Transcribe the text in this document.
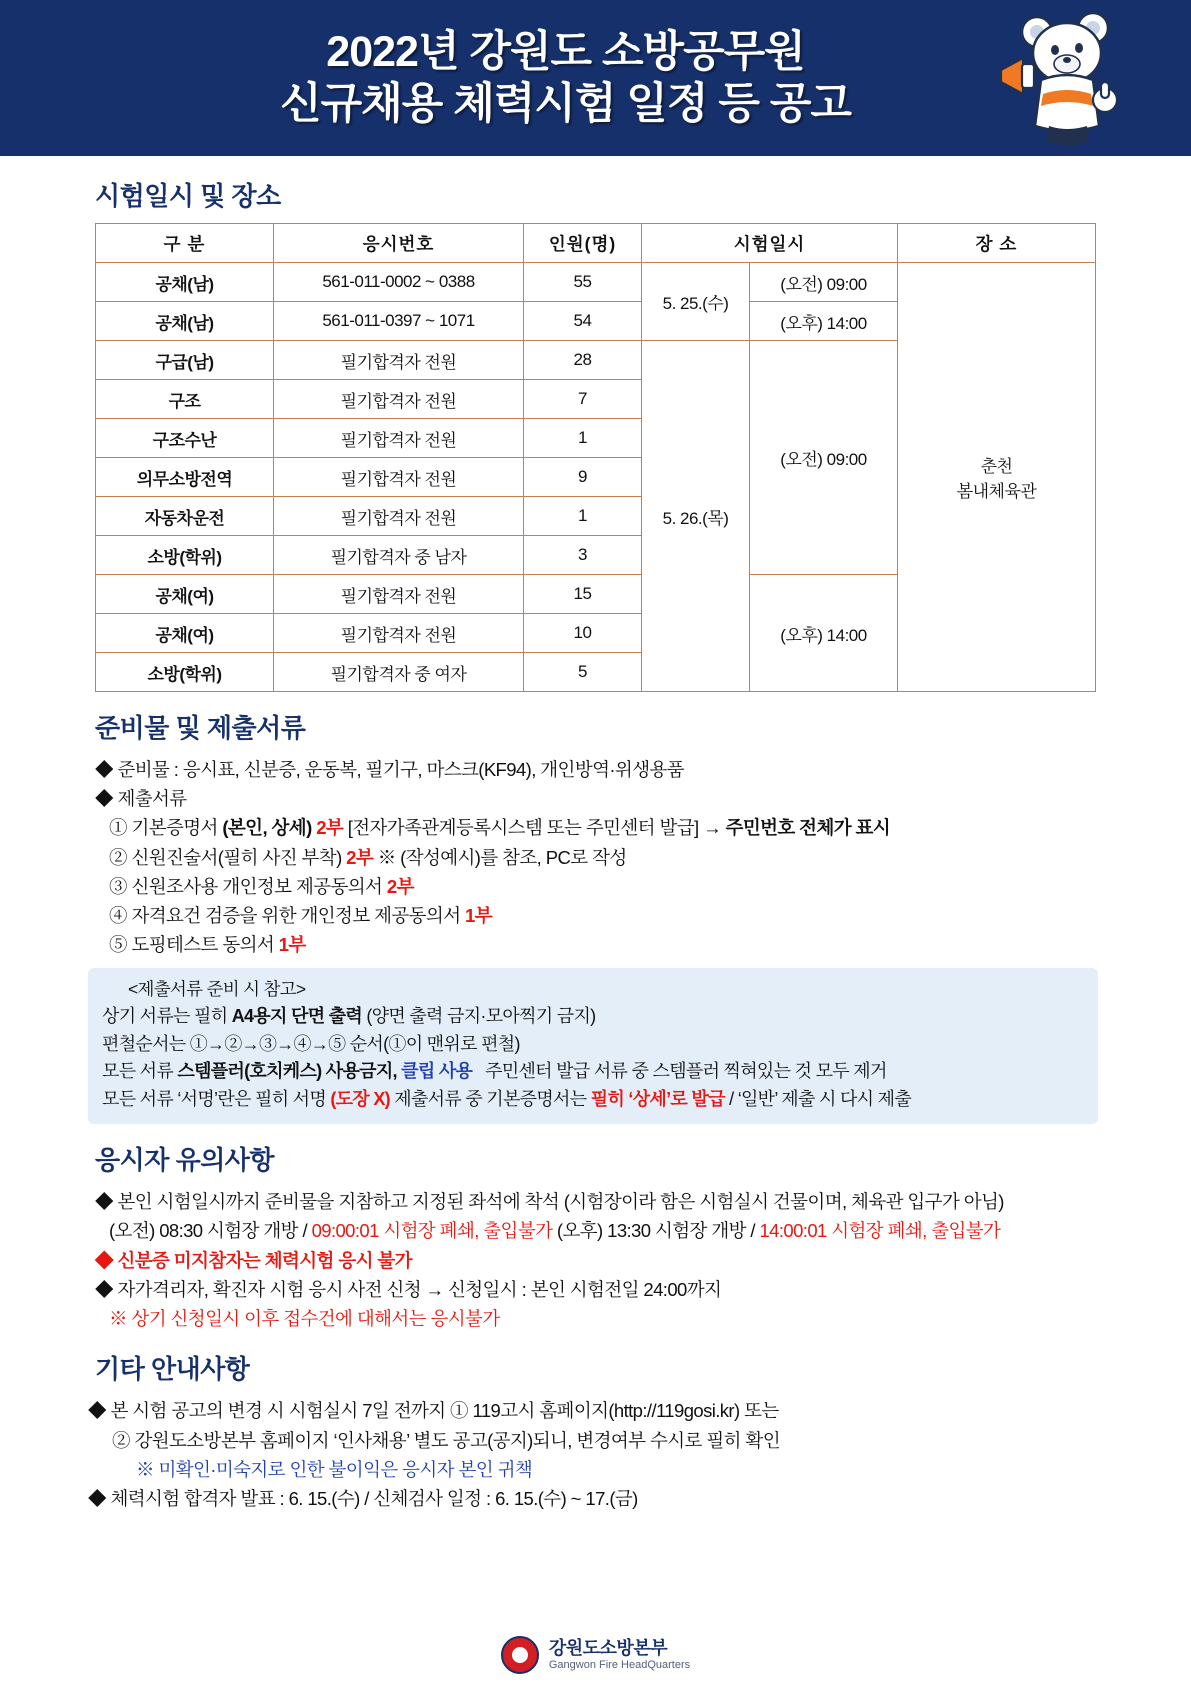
2022년 강원도 소방공무원
신규채용 체력시험 일정 등 공고
시험일시 및 장소
구 분	응시번호	인원(명)	시험일시		장 소
공채(남)	561-011-0002 ~ 0388	55	5. 25.(수)	(오전) 09:00	춘천
봄내체육관
공채(남)	561-011-0397 ~ 1071	54		(오후) 14:00	
구급(남)	필기합격자 전원	28	5. 26.(목)	(오전) 09:00	
구조	필기합격자 전원	7			
구조수난	필기합격자 전원	1			
의무소방전역	필기합격자 전원	9			
자동차운전	필기합격자 전원	1			
소방(학위)	필기합격자 중 남자	3			
공채(여)	필기합격자 전원	15		(오후) 14:00	
공채(여)	필기합격자 전원	10			
소방(학위)	필기합격자 중 여자	5			
준비물 및 제출서류
◆ 준비물 : 응시표, 신분증, 운동복, 필기구, 마스크(KF94), 개인방역·위생용품
◆ 제출서류
① 기본증명서 (본인, 상세) 2부 [전자가족관계등록시스템 또는 주민센터 발급] → 주민번호 전체가 표시
② 신원진술서(필히 사진 부착) 2부 ※ (작성예시)를 참조, PC로 작성
③ 신원조사용 개인정보 제공동의서 2부
④ 자격요건 검증을 위한 개인정보 제공동의서 1부
⑤ 도핑테스트 동의서 1부
<제출서류 준비 시 참고>
상기 서류는 필히 A4용지 단면 출력 (양면 출력 금지·모아찍기 금지)
편철순서는 ①→②→③→④→⑤ 순서(①이 맨위로 편철)
모든 서류 스템플러(호치케스) 사용금지, 클립 사용 주민센터 발급 서류 중 스템플러 찍혀있는 것 모두 제거
모든 서류 ‘서명’란은 필히 서명 (도장 X) 제출서류 중 기본증명서는 필히 ‘상세’로 발급 / ‘일반’ 제출 시 다시 제출
응시자 유의사항
◆ 본인 시험일시까지 준비물을 지참하고 지정된 좌석에 착석 (시험장이라 함은 시험실시 건물이며, 체육관 입구가 아님)
(오전) 08:30 시험장 개방 / 09:00:01 시험장 폐쇄, 출입불가 (오후) 13:30 시험장 개방 / 14:00:01 시험장 폐쇄, 출입불가
◆ 신분증 미지참자는 체력시험 응시 불가
◆ 자가격리자, 확진자 시험 응시 사전 신청 → 신청일시 : 본인 시험전일 24:00까지
※ 상기 신청일시 이후 접수건에 대해서는 응시불가
기타 안내사항
◆ 본 시험 공고의 변경 시 시험실시 7일 전까지 ① 119고시 홈페이지(http://119gosi.kr) 또는
② 강원도소방본부 홈페이지 ‘인사채용’ 별도 공고(공지)되니, 변경여부 수시로 필히 확인
※ 미확인·미숙지로 인한 불이익은 응시자 본인 귀책
◆ 체력시험 합격자 발표 : 6. 15.(수) / 신체검사 일정 : 6. 15.(수) ~ 17.(금)
강원도소방본부
Gangwon Fire HeadQuarters
